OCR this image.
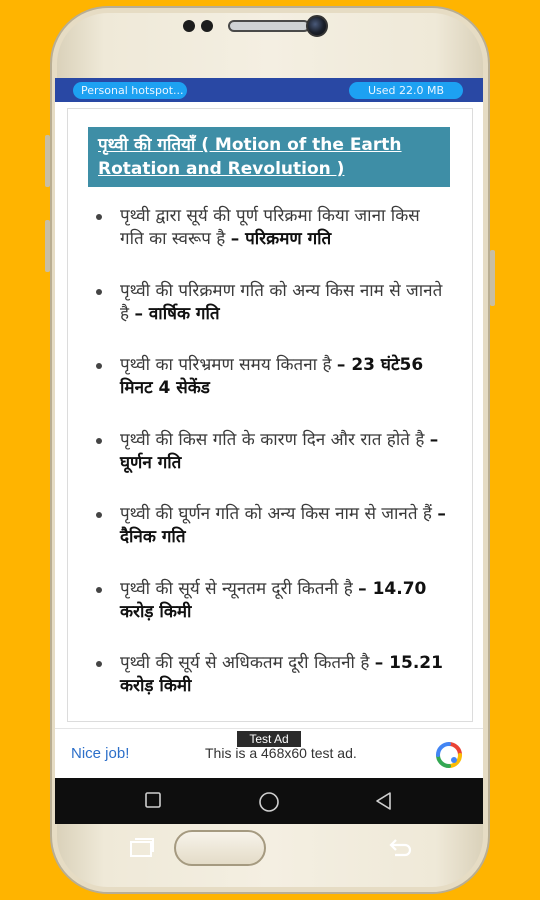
Personal hotspot...	Used 22.0 MB
पृथ्वी की गतियाँ ( Motion of the Earth Rotation and Revolution )
पृथ्वी द्वारा सूर्य की पूर्ण परिक्रमा किया जाना किस गति का स्वरूप है – परिक्रमण गति
पृथ्वी की परिक्रमण गति को अन्य किस नाम से जानते है – वार्षिक गति
पृथ्वी का परिभ्रमण समय कितना है – 23 घंटे56 मिनट 4 सेकेंड
पृथ्वी की किस गति के कारण दिन और रात होते है – घूर्णन गति
पृथ्वी की घूर्णन गति को अन्य किस नाम से जानते हैं – दैनिक गति
पृथ्वी की सूर्य से न्यूनतम दूरी कितनी है – 14.70 करोड़ किमी
पृथ्वी की सूर्य से अधिकतम दूरी कितनी है – 15.21 करोड़ किमी
Test Ad
Nice job!	This is a 468x60 test ad.
